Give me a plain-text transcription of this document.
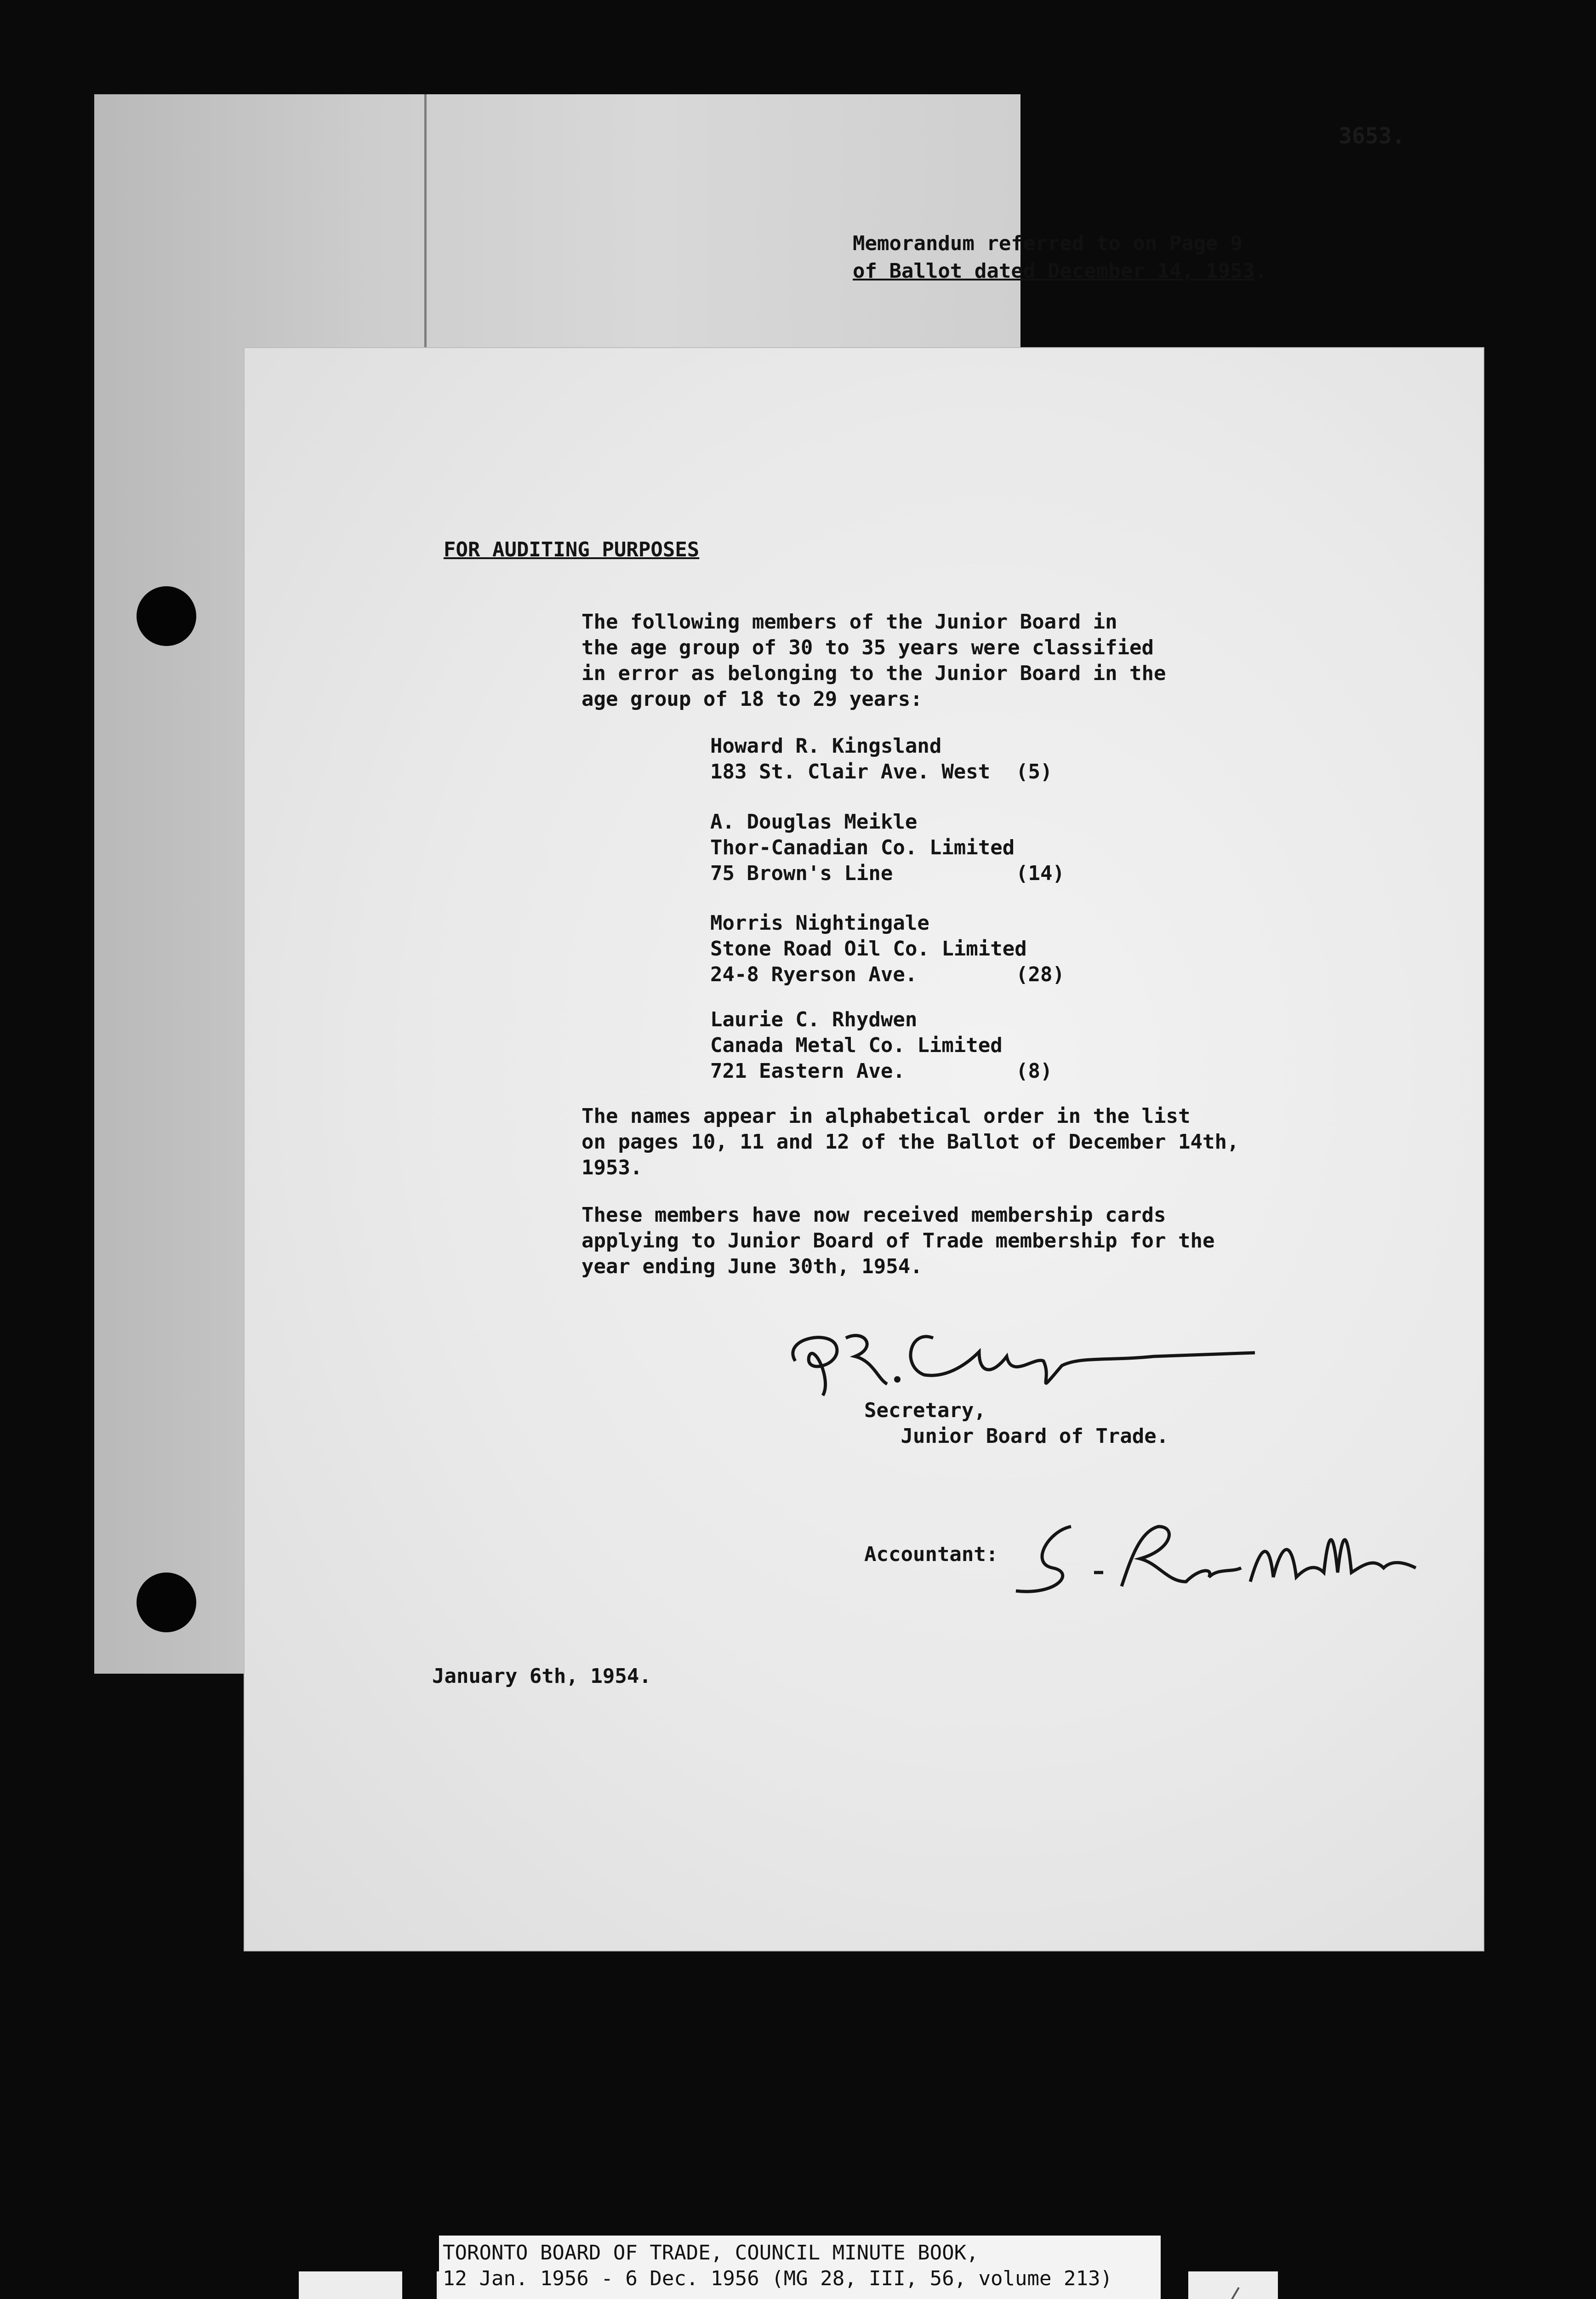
3653.
Memorandum referred to on Page 9
of Ballot dated December 14, 1953.
FOR AUDITING PURPOSES
The following members of the Junior Board in
the age group of 30 to 35 years were classified
in error as belonging to the Junior Board in the
age group of 18 to 29 years:
Howard R. Kingsland
183 St. Clair Ave. West (5)
A. Douglas Meikle
Thor-Canadian Co. Limited
75 Brown's Line	(14)
Morris Nightingale
Stone Road Oil Co. Limited
24-8 Ryerson Ave.	(28)
Laurie C. Rhydwen
Canada Metal Co. Limited
721 Eastern Ave.	(8)
The names appear in alphabetical order in the list
on pages 10, 11 and 12 of the Ballot of December 14th,
1953.
These members have now received membership cards
applying to Junior Board of Trade membership for the
year ending June 30th, 1954.
Secretary,
Junior Board of Trade.
Accountant:
January 6th, 1954.
TORONTO BOARD OF TRADE, COUNCIL MINUTE BOOK,
12 Jan. 1956 - 6 Dec. 1956 (MG 28, III, 56, volume 213)
